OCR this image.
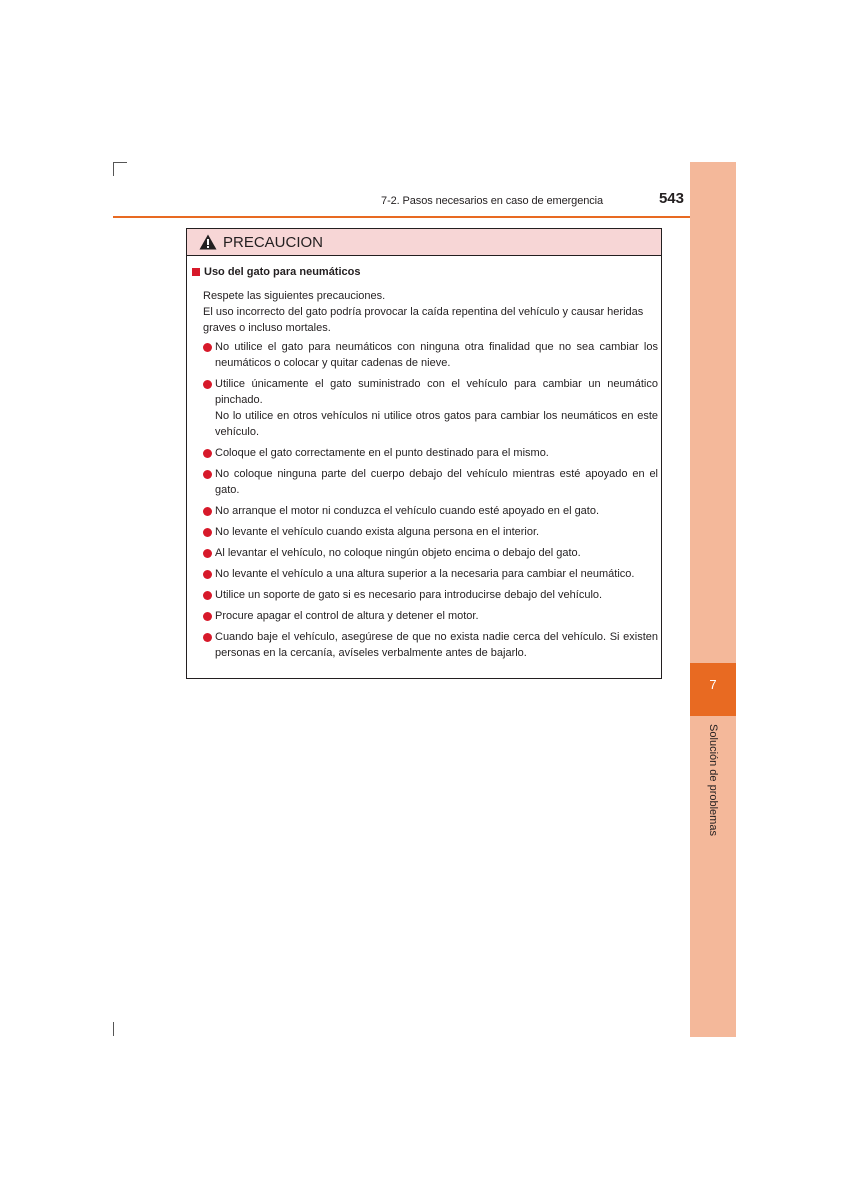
7-2. Pasos necesarios en caso de emergencia	543
7
Solución de problemas
PRECAUCION
Uso del gato para neumáticos
Respete las siguientes precauciones.
El uso incorrecto del gato podría provocar la caída repentina del vehículo y causar heridas graves o incluso mortales.
No utilice el gato para neumáticos con ninguna otra finalidad que no sea cambiar los neumáticos o colocar y quitar cadenas de nieve.
Utilice únicamente el gato suministrado con el vehículo para cambiar un neumático pinchado.
No lo utilice en otros vehículos ni utilice otros gatos para cambiar los neumáticos en este vehículo.
Coloque el gato correctamente en el punto destinado para el mismo.
No coloque ninguna parte del cuerpo debajo del vehículo mientras esté apoyado en el gato.
No arranque el motor ni conduzca el vehículo cuando esté apoyado en el gato.
No levante el vehículo cuando exista alguna persona en el interior.
Al levantar el vehículo, no coloque ningún objeto encima o debajo del gato.
No levante el vehículo a una altura superior a la necesaria para cambiar el neumático.
Utilice un soporte de gato si es necesario para introducirse debajo del vehículo.
Procure apagar el control de altura y detener el motor.
Cuando baje el vehículo, asegúrese de que no exista nadie cerca del vehículo. Si existen personas en la cercanía, avíseles verbalmente antes de bajarlo.
